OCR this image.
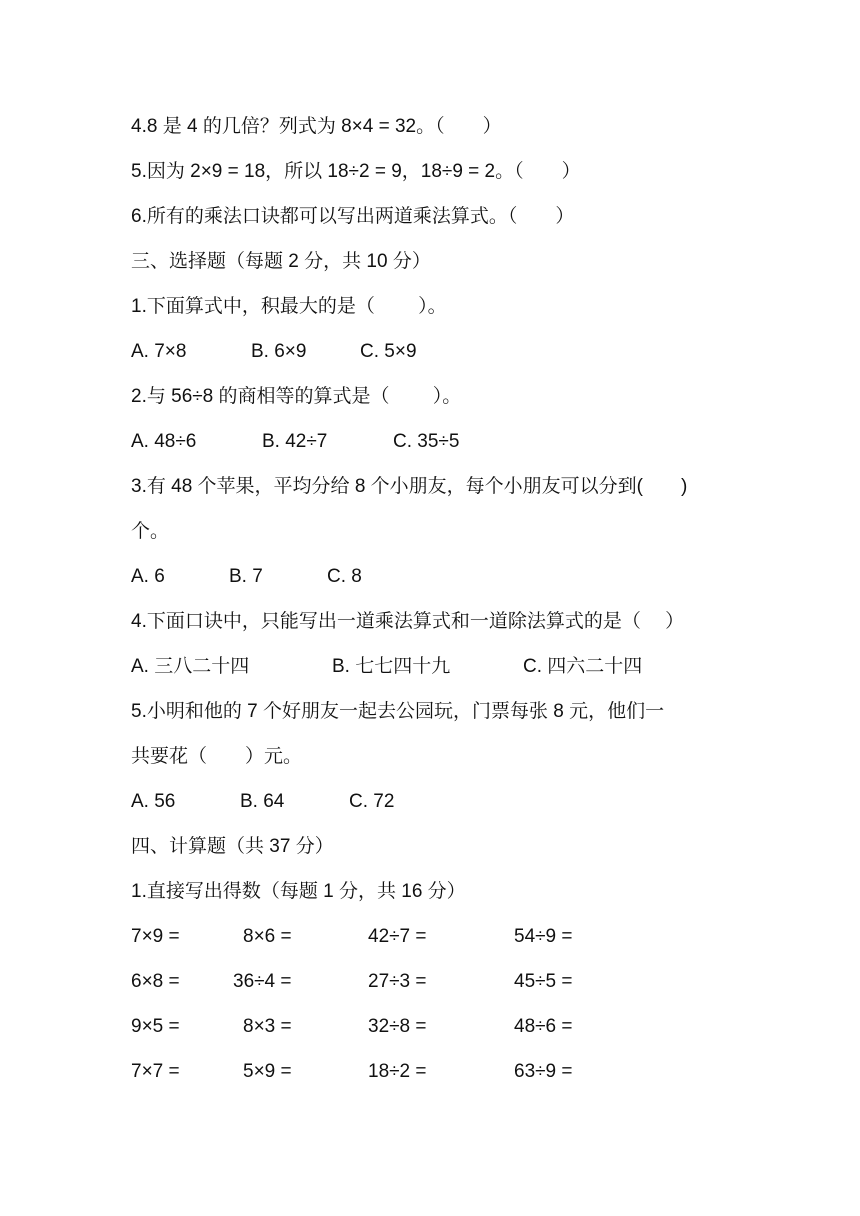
4.8 是 4 的几倍？列式为 8×4 = 32。（　　）
5.因为 2×9 = 18，所以 18÷2 = 9，18÷9 = 2。（　　）
6.所有的乘法口诀都可以写出两道乘法算式。（　　）
三、选择题（每题 2 分，共 10 分）
1.下面算式中，积最大的是（　　 ）。
A. 7×8	B. 6×9	C. 5×9
2.与 56÷8 的商相等的算式是（　　 ）。
A. 48÷6	B. 42÷7	C. 35÷5
3.有 48 个苹果，平均分给 8 个小朋友，每个小朋友可以分到(　　)
个。
A. 6	B. 7	C. 8
4.下面口诀中，只能写出一道乘法算式和一道除法算式的是（　 ）
A. 三八二十四	B. 七七四十九	C. 四六二十四
5.小明和他的 7 个好朋友一起去公园玩，门票每张 8 元，他们一
共要花（　　）元。
A. 56	B. 64	C. 72
四、计算题（共 37 分）
1.直接写出得数（每题 1 分，共 16 分）
7×9 =	8×6 =	42÷7 =	54÷9 =
6×8 =	36÷4 =	27÷3 =	45÷5 =
9×5 =	8×3 =	32÷8 =	48÷6 =
7×7 =	5×9 =	18÷2 =	63÷9 =
